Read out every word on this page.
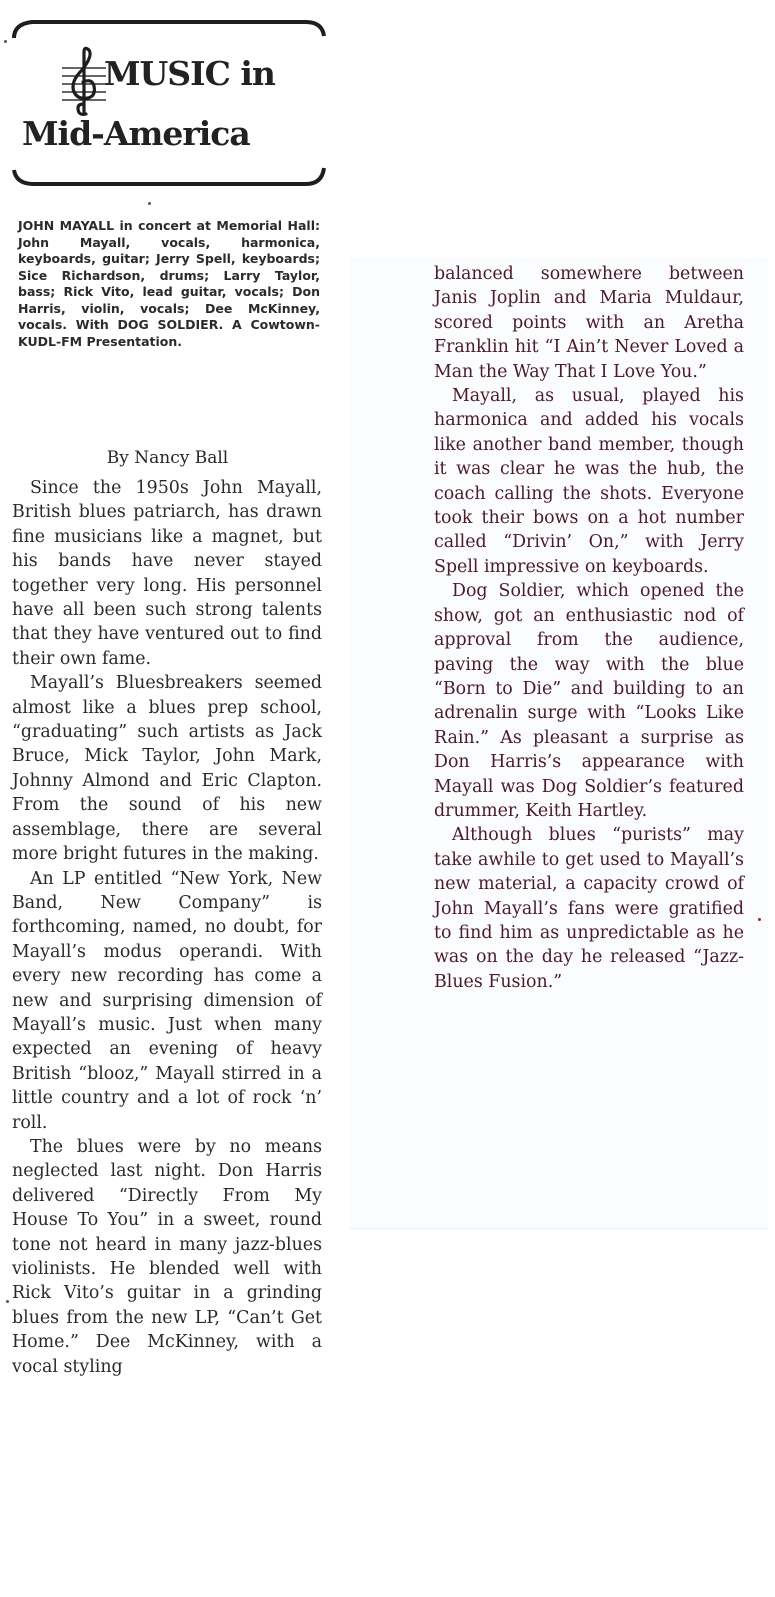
MUSIC in
Mid-America
JOHN MAYALL in concert at Memorial Hall: John Mayall, vocals, harmonica, keyboards, guitar; Jerry Spell, keyboards; Sice Richardson, drums; Larry Taylor, bass; Rick Vito, lead guitar, vocals; Don Harris, violin, vocals; Dee McKinney, vocals. With DOG SOLDIER. A Cowtown-KUDL-FM Presentation.
By Nancy Ball

Since the 1950s John Mayall, British blues patriarch, has drawn fine musicians like a magnet, but his bands have never stayed together very long. His personnel have all been such strong talents that they have ventured out to find their own fame.

Mayall’s Bluesbreakers seemed almost like a blues prep school, “graduating” such artists as Jack Bruce, Mick Taylor, John Mark, Johnny Almond and Eric Clapton. From the sound of his new assemblage, there are several more bright futures in the making.

An LP entitled “New York, New Band, New Company” is forthcoming, named, no doubt, for Mayall’s modus operandi. With every new recording has come a new and surprising dimension of Mayall’s music. Just when many expected an evening of heavy British “blooz,” Mayall stirred in a little country and a lot of rock ‘n’ roll.

The blues were by no means neglected last night. Don Harris delivered “Directly From My House To You” in a sweet, round tone not heard in many jazz-blues violinists. He blended well with Rick Vito’s guitar in a grinding blues from the new LP, “Can’t Get Home.” Dee McKinney, with a vocal styling

balanced somewhere between Janis Joplin and Maria Muldaur, scored points with an Aretha Franklin hit “I Ain’t Never Loved a Man the Way That I Love You.”

Mayall, as usual, played his harmonica and added his vocals like another band member, though it was clear he was the hub, the coach calling the shots. Everyone took their bows on a hot number called “Drivin’ On,” with Jerry Spell impressive on keyboards.

Dog Soldier, which opened the show, got an enthusiastic nod of approval from the audience, paving the way with the blue “Born to Die” and building to an adrenalin surge with “Looks Like Rain.” As pleasant a surprise as Don Harris’s appearance with Mayall was Dog Soldier’s featured drummer, Keith Hartley.

Although blues “purists” may take awhile to get used to Mayall’s new material, a capacity crowd of John Mayall’s fans were gratified to find him as unpredictable as he was on the day he released “Jazz-Blues Fusion.”
